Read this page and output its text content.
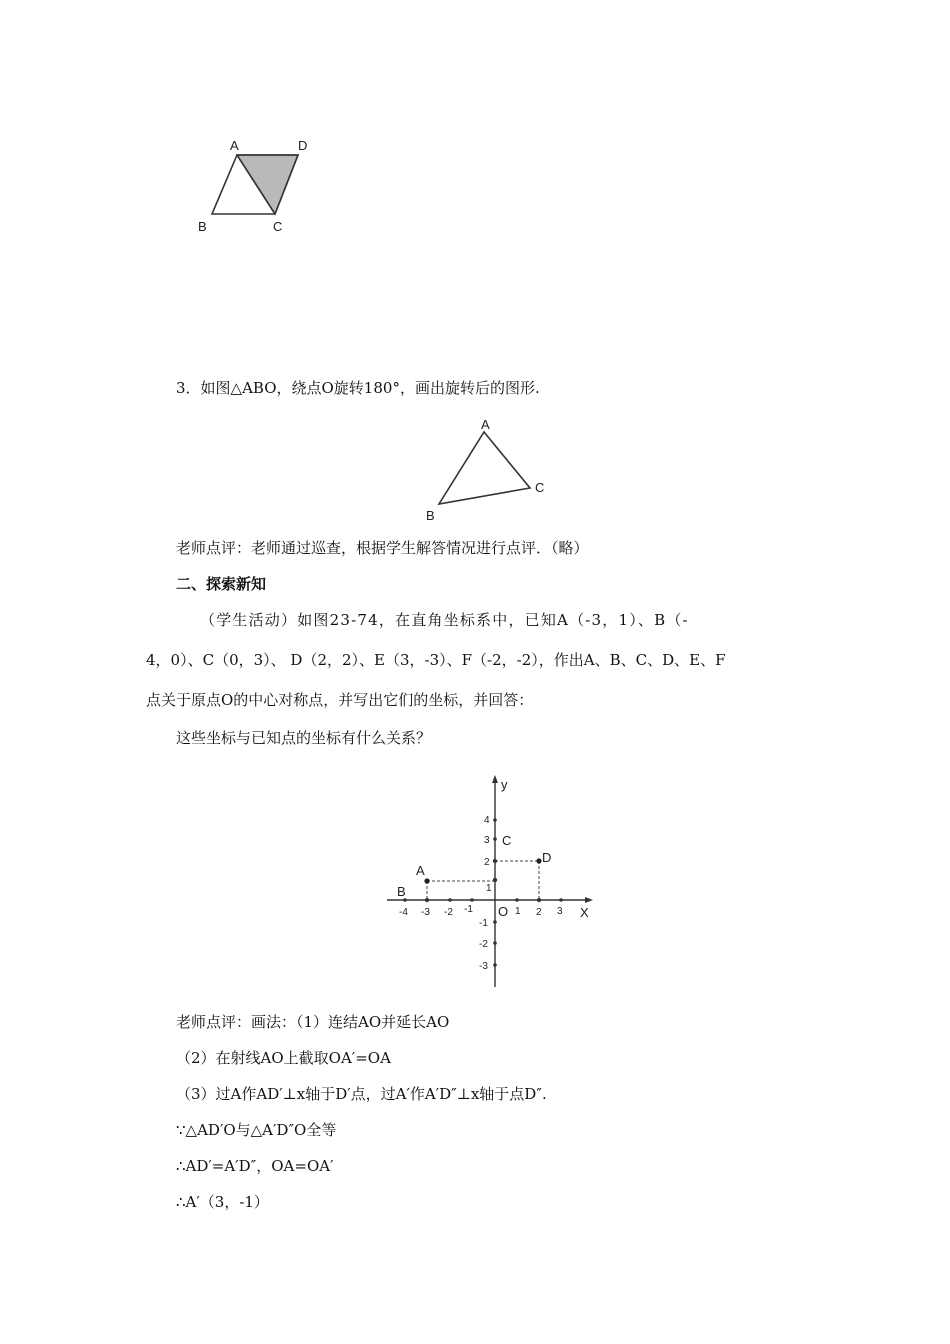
A	D
B	C
3．如图△ABO，绕点O旋转180°，画出旋转后的图形.
A
C
B
老师点评：老师通过巡查，根据学生解答情况进行点评．（略）
二、探索新知
（学生活动）如图23-74，在直角坐标系中，已知A（-3，1）、B（-
4，0）、C（0，3）、 D（2，2）、E（3，-3）、F（-2，-2），作出A、B、C、D、E、F
点关于原点O的中心对称点，并写出它们的坐标，并回答：
这些坐标与已知点的坐标有什么关系？
-4 -3 -2 -1	1 2 3
4
3
2
1
-1
-2
-3
X
y
O
A
B
C
D
老师点评：画法：（1）连结AO并延长AO
（2）在射线AO上截取OA′=OA
（3）过A作AD′⊥x轴于D′点，过A′作A′D″⊥x轴于点D″.
∵△AD′O与△A′D″O全等
∴AD′=A′D″，OA=OA′
∴A′（3，-1）
